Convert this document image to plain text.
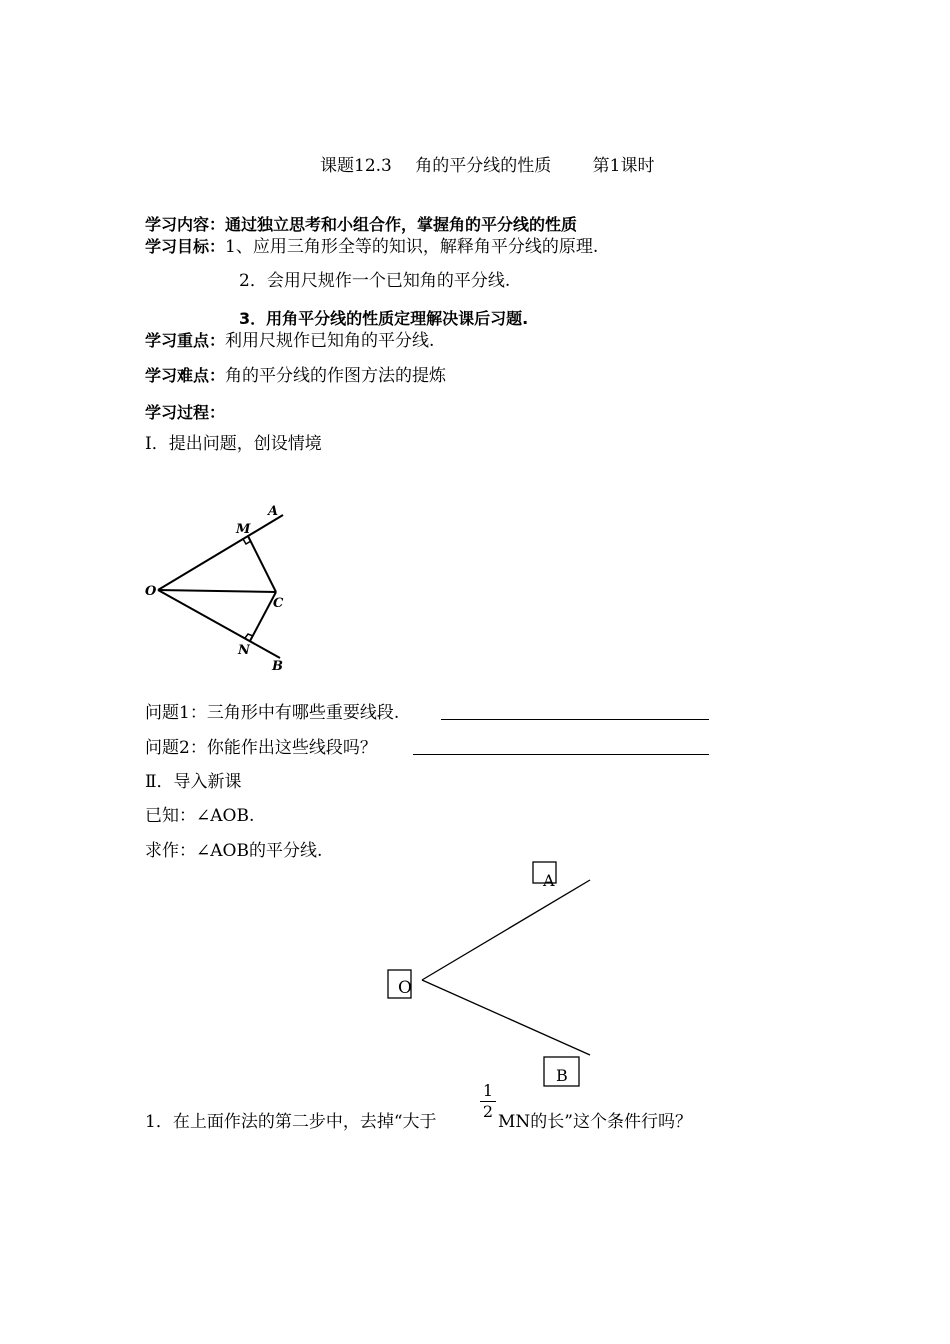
课题12.3 角的平分线的性质 第1课时
学习内容：通过独立思考和小组合作，掌握角的平分线的性质
学习目标：1、应用三角形全等的知识，解释角平分线的原理.
2．会用尺规作一个已知角的平分线.
3．用角平分线的性质定理解决课后习题.
学习重点：利用尺规作已知角的平分线.
学习难点：角的平分线的作图方法的提炼
学习过程：
Ⅰ．提出问题，创设情境
O
A
M
C
N
B
A
O
B
问题1：三角形中有哪些重要线段.
问题2：你能作出这些线段吗？
Ⅱ．导入新课
已知：∠AOB.
求作：∠AOB的平分线.
1．在上面作法的第二步中，去掉“大于
1
2
MN的长”这个条件行吗？
